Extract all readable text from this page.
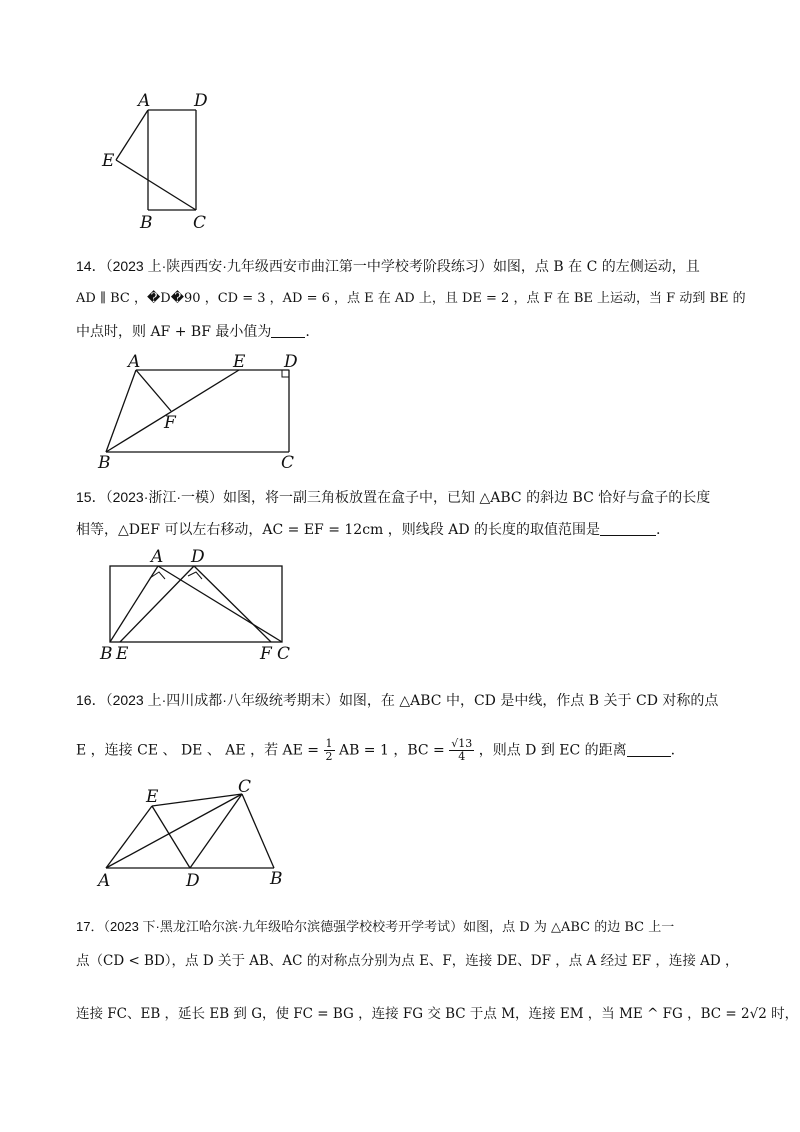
A	D
E
B C
14．（2023 上·陕西西安·九年级西安市曲江第一中学校考阶段练习）如图，点 B 在 C 的左侧运动，且
AD ∥ BC ，�D�90 ，CD = 3 ，AD = 6 ，点 E 在 AD 上，且 DE = 2 ，点 F 在 BE 上运动，当 F 动到 BE 的
中点时，则 AF + BF 最小值为 .
A	E D
F
B	C
15．（2023·浙江·一模）如图，将一副三角板放置在盒子中，已知 △ABC 的斜边 BC 恰好与盒子的长度
相等，△DEF 可以左右移动，AC = EF = 12cm ，则线段 AD 的长度的取值范围是	.
A D
B E	F C
16．（2023 上·四川成都·八年级统考期末）如图，在 △ABC 中，CD 是中线，作点 B 关于 CD 对称的点
E ，连接 CE 、 DE 、 AE ，若 AE = $\frac{1}{2}$ AB = 1 ，BC = $\frac{√13}{4}$ ，则点 D 到 EC 的距离	.
E	C
A	D	B
17．（2023 下·黑龙江哈尔滨·九年级哈尔滨德强学校校考开学考试）如图，点 D 为 △ABC 的边 BC 上一
点（CD < BD），点 D 关于 AB、AC 的对称点分别为点 E、F，连接 DE、DF ，点 A 经过 EF ，连接 AD ，
连接 FC、EB ，延长 EB 到 G，使 FC = BG ，连接 FG 交 BC 于点 M，连接 EM ，当 ME ^ FG ，BC = 2√2 时，
